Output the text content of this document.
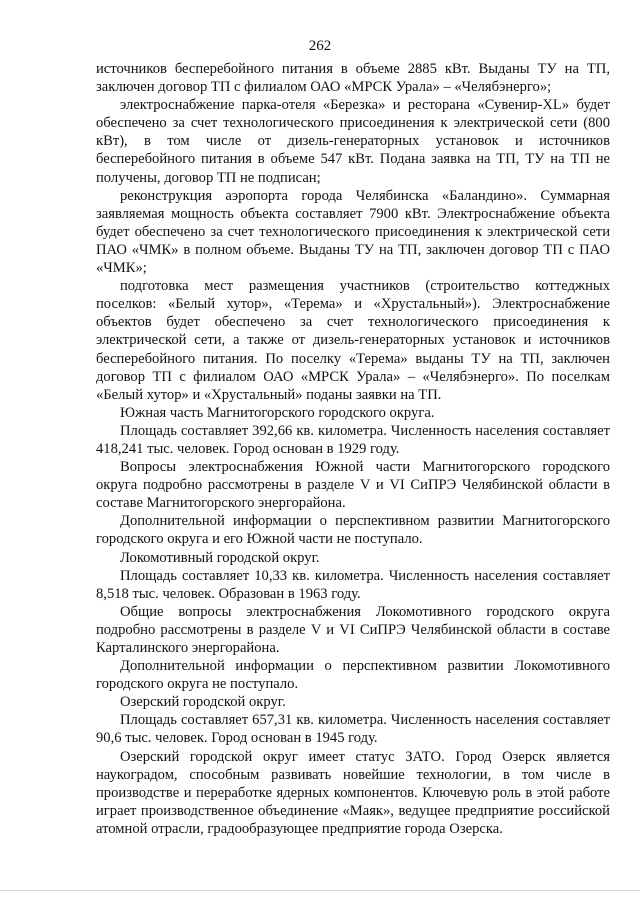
262

источников бесперебойного питания в объеме 2885 кВт. Выданы ТУ на ТП, заключен договор ТП с филиалом ОАО «МРСК Урала» – «Челябэнерго»;

электроснабжение парка-отеля «Березка» и ресторана «Сувенир-XL» будет обеспечено за счет технологического присоединения к электрической сети (800 кВт), в том числе от дизель-генераторных установок и источников бесперебойного питания в объеме 547 кВт. Подана заявка на ТП, ТУ на ТП не получены, договор ТП не подписан;

реконструкция аэропорта города Челябинска «Баландино». Суммарная заявляемая мощность объекта составляет 7900 кВт. Электроснабжение объекта будет обеспечено за счет технологического присоединения к электрической сети ПАО «ЧМК» в полном объеме. Выданы ТУ на ТП, заключен договор ТП с ПАО «ЧМК»;

подготовка мест размещения участников (строительство коттеджных поселков: «Белый хутор», «Терема» и «Хрустальный»). Электроснабжение объектов будет обеспечено за счет технологического присоединения к электрической сети, а также от дизель-генераторных установок и источников бесперебойного питания. По поселку «Терема» выданы ТУ на ТП, заключен договор ТП с филиалом ОАО «МРСК Урала» – «Челябэнерго». По поселкам «Белый хутор» и «Хрустальный» поданы заявки на ТП.

Южная часть Магнитогорского городского округа.

Площадь составляет 392,66 кв. километра. Численность населения составляет 418,241 тыс. человек. Город основан в 1929 году.

Вопросы электроснабжения Южной части Магнитогорского городского округа подробно рассмотрены в разделе V и VI СиПРЭ Челябинской области в составе Магнитогорского энергорайона.

Дополнительной информации о перспективном развитии Магнитогорского городского округа и его Южной части не поступало.

Локомотивный городской округ.

Площадь составляет 10,33 кв. километра. Численность населения составляет 8,518 тыс. человек. Образован в 1963 году.

Общие вопросы электроснабжения Локомотивного городского округа подробно рассмотрены в разделе V и VI СиПРЭ Челябинской области в составе Карталинского энергорайона.

Дополнительной информации о перспективном развитии Локомотивного городского округа не поступало.

Озерский городской округ.

Площадь составляет 657,31 кв. километра. Численность населения составляет 90,6 тыс. человек. Город основан в 1945 году.

Озерский городской округ имеет статус ЗАТО. Город Озерск является наукоградом, способным развивать новейшие технологии, в том числе в производстве и переработке ядерных компонентов. Ключевую роль в этой работе играет производственное объединение «Маяк», ведущее предприятие российской атомной отрасли, градообразующее предприятие города Озерска.
